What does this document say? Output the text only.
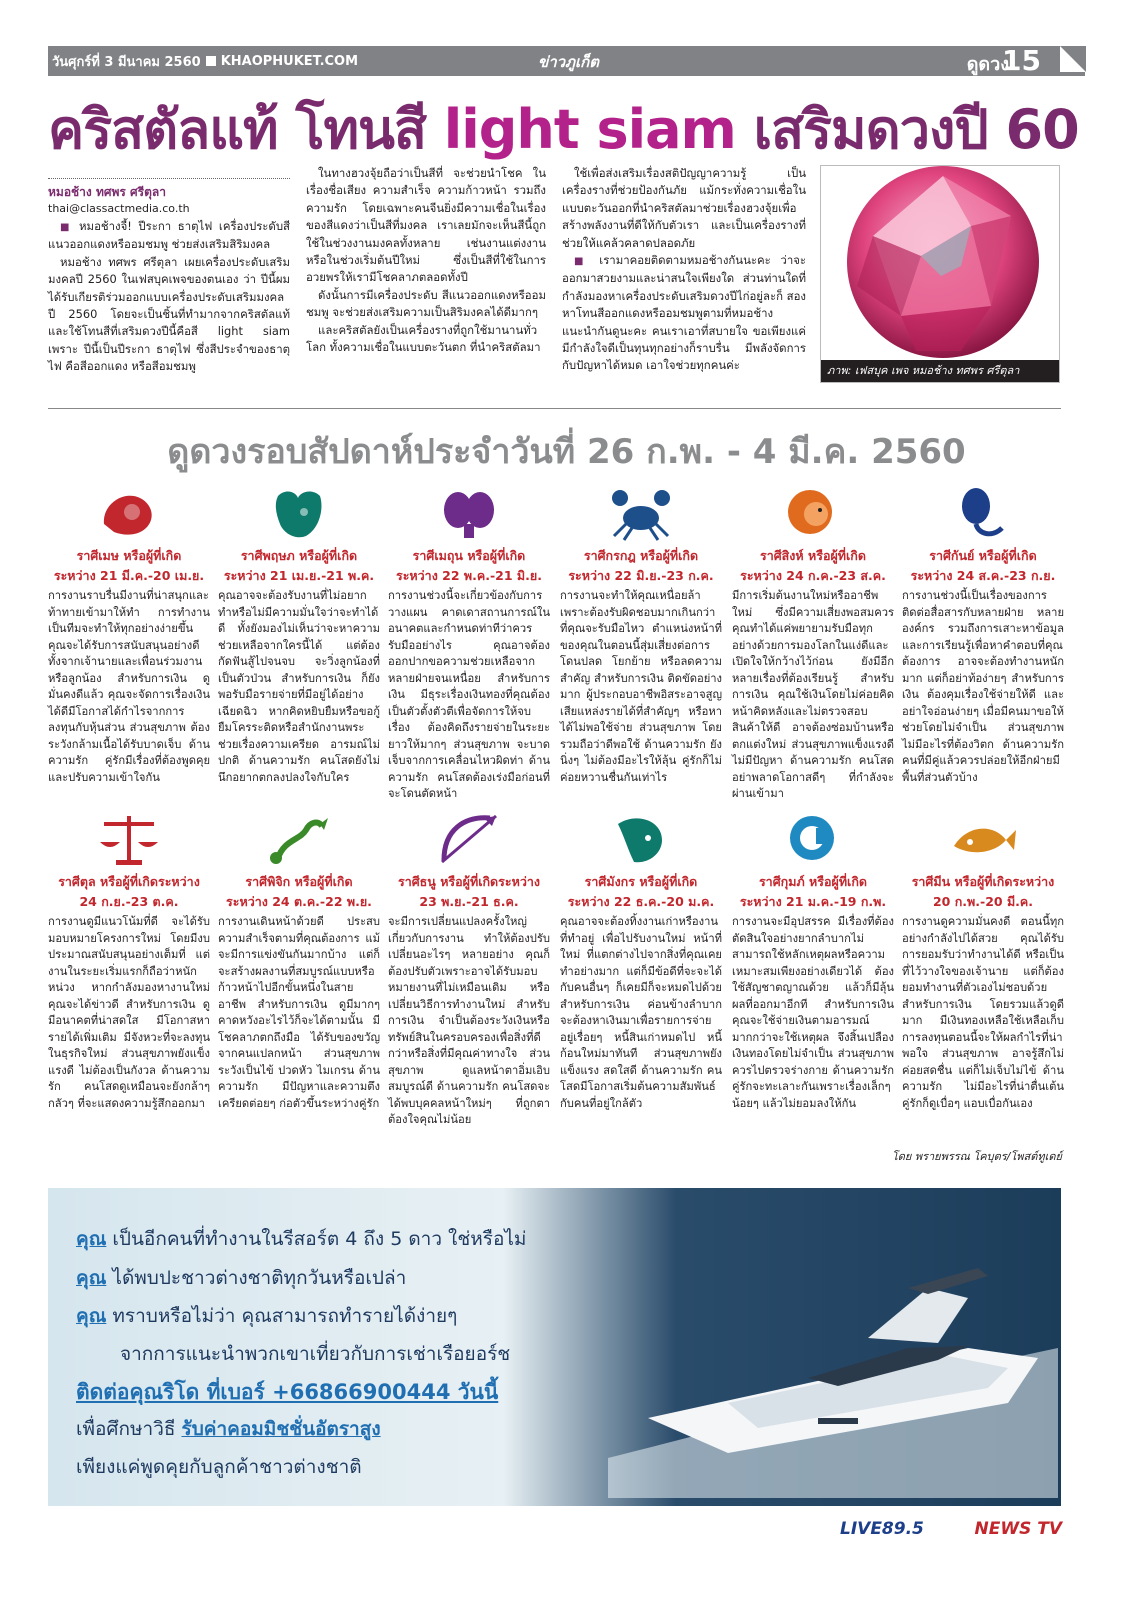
วันศุกร์ที่ 3 มีนาคม 2560 KHAOPHUKET.COM	ข่าวภูเก็ต	ดูดวง
15
คริสตัลแท้ โทนสี light siam เสริมดวงปี 60
หมอช้าง ทศพร ศรีตุลา
thai@classactmedia.co.th

■ หมอช้างจี้! ปีระกา ธาตุไฟ เครื่องประดับสีแนวออกแดงหรืออมชมพู ช่วยส่งเสริมสิริมงคล

หมอช้าง ทศพร ศรีตุลา เผยเครื่องประดับเสริมมงคลปี 2560 ในเฟสบุคเพจของตนเอง ว่า ปีนี้ผมได้รับเกียรติร่วมออกแบบเครื่องประดับเสริมมงคลปี 2560 โดยจะเป็นชิ้นที่ทำมากจากคริสตัลแท้ และใช้โทนสีที่เสริมดวงปีนี้คือสี light siam เพราะ ปีนี้เป็นปีระกา ธาตุไฟ ซึ่งสีประจำของธาตุไฟ คือสีออกแดง หรือสีอมชมพู

ในทางฮวงจุ้ยถือว่าเป็นสีที่ จะช่วยนำโชค ในเรื่องชื่อเสียง ความสำเร็จ ความก้าวหน้า รวมถึงความรัก โดยเฉพาะคนจีนยิ่งมีความเชื่อในเรื่องของสีแดงว่าเป็นสีที่มงคล เราเลยมักจะเห็นสีนี้ถูกใช้ในช่วงงานมงคลทั้งหลาย เช่นงานแต่งงาน หรือในช่วงเริ่มต้นปีใหม่ ซึ่งเป็นสีที่ใช้ในการอวยพรให้เรามีโชคลาภตลอดทั้งปี

ดังนั้นการมีเครื่องประดับ สีแนวออกแดงหรืออมชมพู จะช่วยส่งเสริมความเป็นสิริมงคลได้ดีมากๆ

และคริสตัลยังเป็นเครื่องรางที่ถูกใช้มานานทั่วโลก ทั้งความเชื่อในแบบตะวันตก ที่นำคริสตัลมา

ใช้เพื่อส่งเสริมเรื่องสติปัญญาความรู้ เป็นเครื่องรางที่ช่วยป้องกันภัย แม้กระทั่งความเชื่อในแบบตะวันออกที่นำคริสตัลมาช่วยเรื่องฮวงจุ้ยเพื่อสร้างพลังงานที่ดีให้กับตัวเรา และเป็นเครื่องรางที่ช่วยให้แคล้วคลาดปลอดภัย

■ เรามาคอยติดตามหมอช้างกันนะคะ ว่าจะออกมาสวยงามและน่าสนใจเพียงใด ส่วนท่านใดที่กำลังมองหาเครื่องประดับเสริมดวงปีไก่อยู่ละก็ สองหาโทนสีออกแดงหรืออมชมพูตามที่หมอช้างแนะนำกันดูนะคะ คนเราเอาที่สบายใจ ขอเพียงแค่มีกำลังใจดีเป็นทุนทุกอย่างก็ราบรื่น มีพลังจัดการกับปัญหาได้หมด เอาใจช่วยทุกคนค่ะ	ภาพ: เฟสบุค เพจ หมอช้าง ทศพร ศรีตุลา
ดูดวงรอบสัปดาห์ประจำวันที่ 26 ก.พ. - 4 มี.ค. 2560
ราศีเมษ หรือผู้ที่เกิด
ระหว่าง 21 มี.ค.-20 เม.ย.
การงานราบรื่นมีงานที่น่าสนุกและท้าทายเข้ามาให้ทำ การทำงานเป็นทีมจะทำให้ทุกอย่างง่ายขึ้น คุณจะได้รับการสนับสนุนอย่างดีทั้งจากเจ้านายและเพื่อนร่วมงาน หรือลูกน้อง สำหรับการเงิน ดูมั่นคงดีแล้ว คุณจะจัดการเรื่องเงินได้ดีมีโอกาสได้กำไรจากการลงทุนกับหุ้นส่วน ส่วนสุขภาพ ต้องระวังกล้ามเนื้อได้รับบาดเจ็บ ด้านความรัก คู่รักมีเรื่องที่ต้องพูดคุยและปรับความเข้าใจกัน
ราศีพฤษภ หรือผู้ที่เกิด
ระหว่าง 21 เม.ย.-21 พ.ค.
คุณอาจจะต้องรับงานที่ไม่อยากทำหรือไม่มีความมั่นใจว่าจะทำได้ดี ทั้งยังมองไม่เห็นว่าจะหาความช่วยเหลือจากใครนี้ได้ แต่ต้องกัดฟันสู้ไปจนจบ จะวิ่งลูกน้องที่เป็นตัวป่วน สำหรับการเงิน ก็ยังพอรับมือรายจ่ายที่มีอยู่ได้อย่างเฉียดฉิว หากคิดหยิบยืมหรือขอกู้ยืมโครระติดหรือสำนักงานพระช่วยเรื่องความเครียด อารมณ์ไม่ปกติ ด้านความรัก คนโสดยังไม่นึกอยากตกลงปลงใจกับใคร
ราศีเมถุน หรือผู้ที่เกิด
ระหว่าง 22 พ.ค.-21 มิ.ย.
การงานช่วงนี้จะเกี่ยวข้องกับการวางแผน คาดเดาสถานการณ์ในอนาคตและกำหนดท่าทีว่าควรรับมืออย่างไร คุณอาจต้องออกปากขอความช่วยเหลือจากหลายฝ่ายจนเหนื่อย สำหรับการเงิน มีธุระเรื่องเงินทองที่คุณต้องเป็นตัวตั้งตัวตีเพื่อจัดการให้จบเรื่อง ต้องคิดถึงรายจ่ายในระยะยาวให้มากๆ ส่วนสุขภาพ จะบาดเจ็บจากการเคลื่อนไหวผิดท่า ด้านความรัก คนโสดต้องเร่งมือก่อนที่จะโดนตัดหน้า
ราศีกรกฎ หรือผู้ที่เกิด
ระหว่าง 22 มิ.ย.-23 ก.ค.
การงานจะทำให้คุณเหนื่อยล้าเพราะต้องรับผิดชอบมากเกินกว่าที่คุณจะรับมือไหว ตำแหน่งหน้าที่ของคุณในตอนนี้สุ่มเสี่ยงต่อการโดนปลด โยกย้าย หรือลดความสำคัญ สำหรับการเงิน ติดขัดอย่างมาก ผู้ประกอบอาชีพอิสระอาจสูญเสียแหล่งรายได้ที่สำคัญๆ หรือหาได้ไม่พอใช้จ่าย ส่วนสุขภาพ โดยรวมถือว่าดีพอใช้ ด้านความรัก ยังนิ่งๆ ไม่ต้องมีอะไรให้ลุ้น คู่รักก็ไม่ค่อยหวานชื่นกันเท่าไร
ราศีสิงห์ หรือผู้ที่เกิด
ระหว่าง 24 ก.ค.-23 ส.ค.
มีการเริ่มต้นงานใหม่หรืออาชีพใหม่ ซึ่งมีความเสี่ยงพอสมควร คุณทำได้แค่พยายามรับมือทุกอย่างด้วยการมองโลกในแง่ดีและเปิดใจให้กว้างไว้ก่อน ยังมีอีกหลายเรื่องที่ต้องเรียนรู้ สำหรับการเงิน คุณใช้เงินโดยไม่ค่อยคิดหน้าคิดหลังและไม่ตรวจสอบสินค้าให้ดี อาจต้องซ่อมบ้านหรือตกแต่งใหม่ ส่วนสุขภาพแข็งแรงดีไม่มีปัญหา ด้านความรัก คนโสดอย่าพลาดโอกาสดีๆ ที่กำลังจะผ่านเข้ามา
ราศีกันย์ หรือผู้ที่เกิด
ระหว่าง 24 ส.ค.-23 ก.ย.
การงานช่วงนี้เป็นเรื่องของการติดต่อสื่อสารกับหลายฝ่าย หลายองค์กร รวมถึงการเสาะหาข้อมูลและการเรียนรู้เพื่อหาคำตอบที่คุณต้องการ อาจจะต้องทำงานหนักมาก แต่ก็อย่าท้อง่ายๆ สำหรับการเงิน ต้องคุมเรื่องใช้จ่ายให้ดี และอย่าใจอ่อนง่ายๆ เมื่อมีคนมาขอให้ช่วยโดยไม่จำเป็น ส่วนสุขภาพ ไม่มีอะไรที่ต้องวิตก ด้านความรัก คนที่มีคู่แล้วควรปล่อยให้อีกฝ่ายมีพื้นที่ส่วนตัวบ้าง
ราศีตุล หรือผู้ที่เกิดระหว่าง
24 ก.ย.-23 ต.ค.
การงานดูมีแนวโน้มที่ดี จะได้รับมอบหมายโครงการใหม่ โดยมีงบประมาณสนับสนุนอย่างเต็มที่ แต่งานในระยะเริ่มแรกก็ถือว่าหนักหน่วง หากกำลังมองหางานใหม่ คุณจะได้ข่าวดี สำหรับการเงิน ดูมีอนาคตที่น่าสดใส มีโอกาสหารายได้เพิ่มเติม มีจังหวะที่จะลงทุนในธุรกิจใหม่ ส่วนสุขภาพยังแข็งแรงดี ไม่ต้องเป็นกังวล ด้านความรัก คนโสดดูเหมือนจะยังกล้าๆ กลัวๆ ที่จะแสดงความรู้สึกออกมา
ราศีพิจิก หรือผู้ที่เกิด
ระหว่าง 24 ต.ค.-22 พ.ย.
การงานเดินหน้าด้วยดี ประสบความสำเร็จตามที่คุณต้องการ แม้จะมีการแข่งขันกันมากบ้าง แต่ก็จะสร้างผลงานที่สมบูรณ์แบบหรือก้าวหน้าไปอีกขั้นหนึ่งในสายอาชีพ สำหรับการเงิน ดูมีมากๆ คาดหวังอะไรไว้ก็จะได้ตามนั้น มีโชคลาภตกถึงมือ ได้รับของขวัญจากคนแปลกหน้า ส่วนสุขภาพ ระวังเป็นไข้ ปวดหัว ไมเกรน ด้านความรัก มีปัญหาและความตึงเครียดต่อยๆ ก่อตัวขึ้นระหว่างคู่รัก
ราศีธนู หรือผู้ที่เกิดระหว่าง
23 พ.ย.-21 ธ.ค.
จะมีการเปลี่ยนแปลงครั้งใหญ่เกี่ยวกับการงาน ทำให้ต้องปรับเปลี่ยนอะไรๆ หลายอย่าง คุณก็ต้องปรับตัวเพราะอาจได้รับมอบหมายงานที่ไม่เหมือนเดิม หรือเปลี่ยนวิธีการทำงานใหม่ สำหรับการเงิน จำเป็นต้องระวังเงินหรือทรัพย์สินในครอบครองเพื่อสิ่งที่ดีกว่าหรือสิ่งที่มีคุณค่าทางใจ ส่วนสุขภาพ ดูแลหน้าตาอิ่มเอิบสมบูรณ์ดี ด้านความรัก คนโสดจะได้พบบุคคลหน้าใหม่ๆ ที่ถูกตาต้องใจคุณไม่น้อย
ราศีมังกร หรือผู้ที่เกิด
ระหว่าง 22 ธ.ค.-20 ม.ค.
คุณอาจจะต้องทิ้งงานเก่าหรืองานที่ทำอยู่ เพื่อไปรับงานใหม่ หน้าที่ใหม่ ที่แตกต่างไปจากสิ่งที่คุณเคยทำอย่างมาก แต่ก็มีข้อดีที่จะจะได้กับคนอื่นๆ ก็เคยมีก็จะหมดไปด้วย สำหรับการเงิน ค่อนข้างลำบาก จะต้องหาเงินมาเพื่อรายการจ่ายอยู่เรื่อยๆ หนี้สินเก่าหมดไป หนี้ก้อนใหม่มาทันที ส่วนสุขภาพยังแข็งแรง สดใสดี ด้านความรัก คนโสดมีโอกาสเริ่มต้นความสัมพันธ์กับคนที่อยู่ใกล้ตัว
ราศีกุมภ์ หรือผู้ที่เกิด
ระหว่าง 21 ม.ค.-19 ก.พ.
การงานจะมีอุปสรรค มีเรื่องที่ต้องตัดสินใจอย่างยากลำบากไม่สามารถใช้หลักเหตุผลหรือความเหมาะสมเพียงอย่างเดียวได้ ต้องใช้สัญชาตญาณด้วย แล้วก็มีลุ้นผลที่ออกมาอีกที สำหรับการเงิน คุณจะใช้จ่ายเงินตามอารมณ์มากกว่าจะใช้เหตุผล จึงสิ้นเปลืองเงินทองโดยไม่จำเป็น ส่วนสุขภาพ ควรไปตรวจร่างกาย ด้านความรัก คู่รักจะทะเลาะกันเพราะเรื่องเล็กๆ น้อยๆ แล้วไม่ยอมลงให้กัน
ราศีมีน หรือผู้ที่เกิดระหว่าง
20 ก.พ.-20 มี.ค.
การงานดูความมั่นคงดี ตอนนี้ทุกอย่างกำลังไปได้สวย คุณได้รับการยอมรับว่าทำงานได้ดี หรือเป็นที่ไว้วางใจของเจ้านาย แต่ก็ต้องยอมทำงานที่ตัวเองไม่ชอบด้วย สำหรับการเงิน โดยรวมแล้วดูดีมาก มีเงินทองเหลือใช้เหลือเก็บ การลงทุนตอนนี้จะให้ผลกำไรที่น่าพอใจ ส่วนสุขภาพ อาจรู้สึกไม่ค่อยสดชื่น แต่ก็ไม่เจ็บไม่ไข้ ด้านความรัก ไม่มีอะไรที่น่าตื่นเต้น คู่รักก็ดูเบื่อๆ แอบเบื่อกันเอง
โดย พรายพรรณ โคบุตร/โพสต์ทูเดย์
คุณ เป็นอีกคนที่ทำงานในรีสอร์ต 4 ถึง 5 ดาว ใช่หรือไม่
คุณ ได้พบปะชาวต่างชาติทุกวันหรือเปล่า
คุณ ทราบหรือไม่ว่า คุณสามารถทำรายได้ง่ายๆ
จากการแนะนำพวกเขาเที่ยวกับการเช่าเรือยอร์ช
ติดต่อคุณริโด ที่เบอร์ +66866900444 วันนี้
เพื่อศึกษาวิธี รับค่าคอมมิชชั่นอัตราสูง
เพียงแค่พูดคุยกับลูกค้าชาวต่างชาติ
LIVE89.5	NEWS TV
